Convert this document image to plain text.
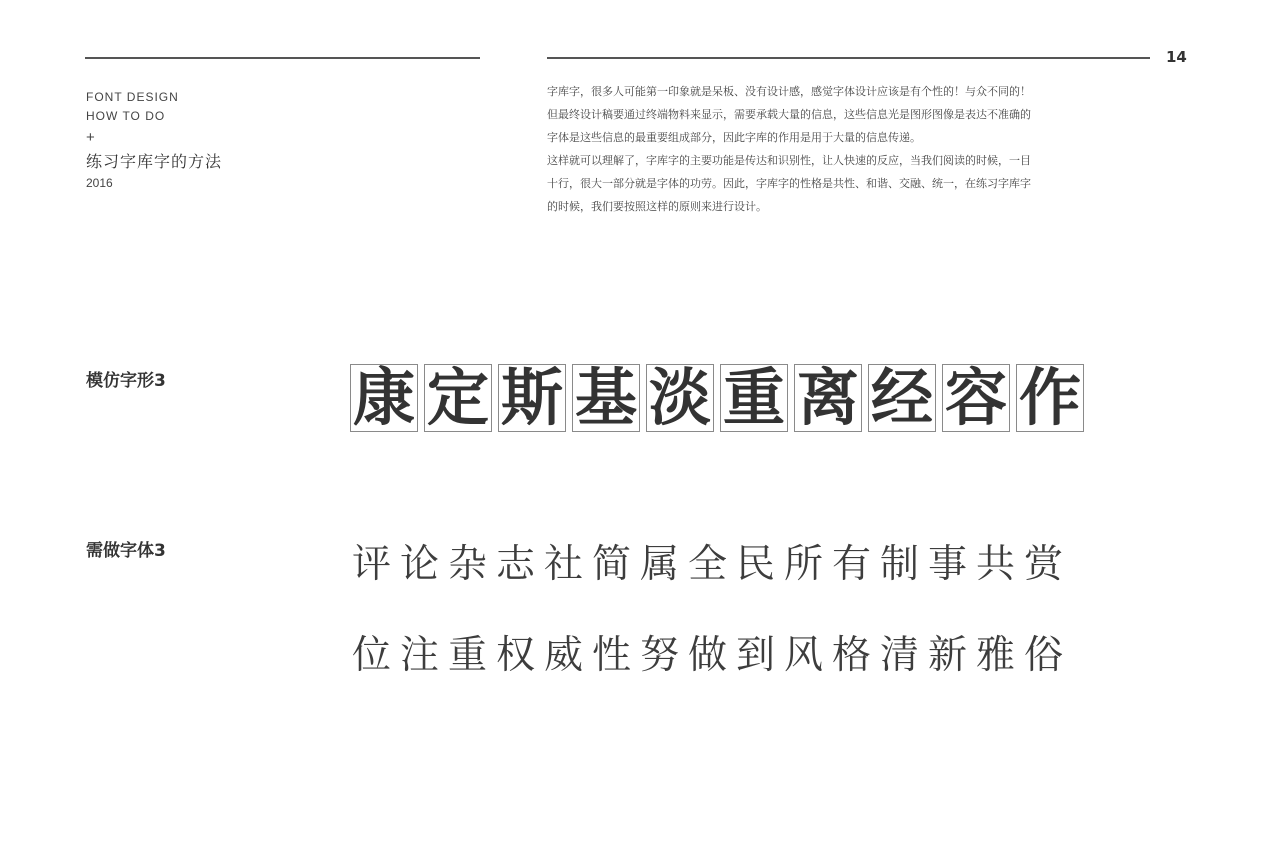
14
FONT DESIGN
HOW TO DO
+
练习字库字的方法
2016
字库字，很多人可能第一印象就是呆板、没有设计感，感觉字体设计应该是有个性的！与众不同的！
但最终设计稿要通过终端物料来显示，需要承载大量的信息，这些信息光是图形图像是表达不准确的
字体是这些信息的最重要组成部分，因此字库的作用是用于大量的信息传递。
这样就可以理解了，字库字的主要功能是传达和识别性，让人快速的反应，当我们阅读的时候，一目
十行，很大一部分就是字体的功劳。因此，字库字的性格是共性、和谐、交融、统一，在练习字库字
的时候，我们要按照这样的原则来进行设计。
模仿字形3	康 定 斯 基 淡 重 离 经 容 作
需做字体3	评论杂志社简属全民所有制事共赏
位注重权威性努做到风格清新雅俗
